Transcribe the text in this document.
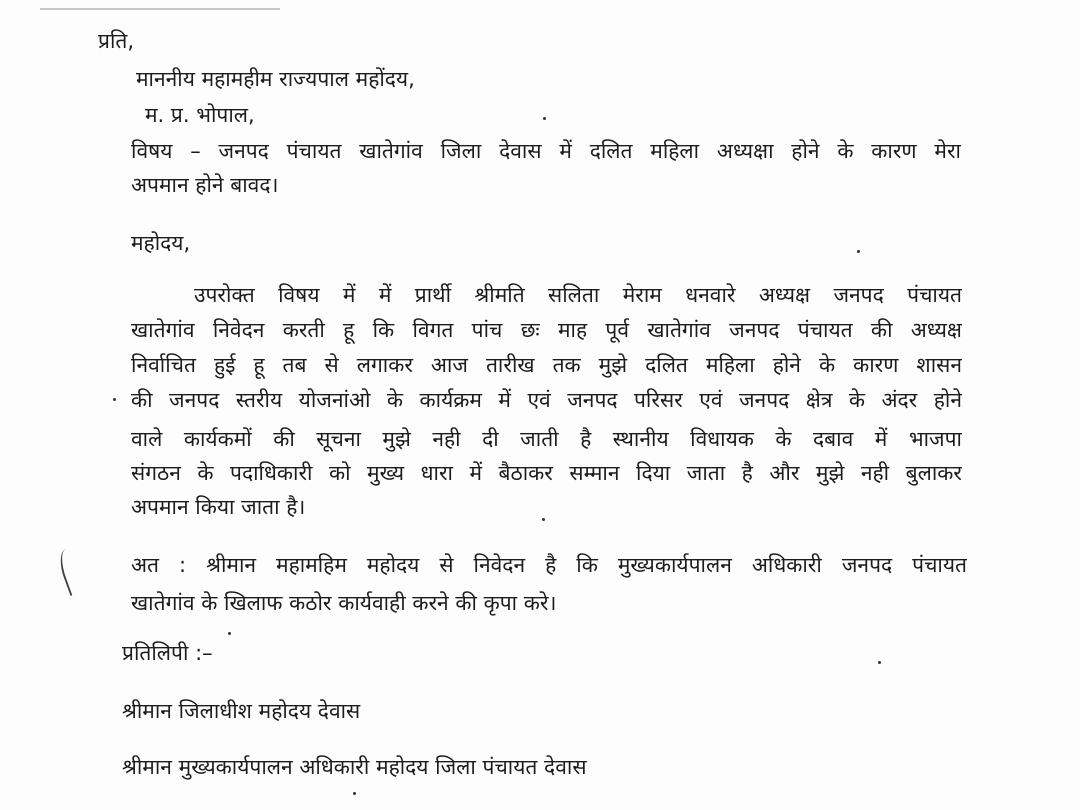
प्रति,
माननीय महामहीम राज्यपाल महोंदय,
म. प्र. भोपाल,
विषय – जनपद पंचायत खातेगांव जिला देवास में दलित महिला अध्यक्षा होने के कारण मेरा
अपमान होने बावद।
महोदय,
उपरोक्त विषय में में प्रार्थी श्रीमति सलिता मेराम धनवारे अध्यक्ष जनपद पंचायत
खातेगांव निवेदन करती हू कि विगत पांच छः माह पूर्व खातेगांव जनपद पंचायत की अध्यक्ष
निर्वाचित हुई हू तब से लगाकर आज तारीख तक मुझे दलित महिला होने के कारण शासन
की जनपद स्तरीय योजनांओ के कार्यक्रम में एवं जनपद परिसर एवं जनपद क्षेत्र के अंदर होने
वाले कार्यकमों की सूचना मुझे नही दी जाती है स्थानीय विधायक के दबाव में भाजपा
संगठन के पदाधिकारी को मुख्य धारा में बैठाकर सम्मान दिया जाता है और मुझे नही बुलाकर
अपमान किया जाता है।
अत : श्रीमान महामहिम महोदय से निवेदन है कि मुख्यकार्यपालन अधिकारी जनपद पंचायत
खातेगांव के खिलाफ कठोर कार्यवाही करने की कृपा करे।
प्रतिलिपी :–
श्रीमान जिलाधीश महोदय देवास
श्रीमान मुख्यकार्यपालन अधिकारी महोदय जिला पंचायत देवास
